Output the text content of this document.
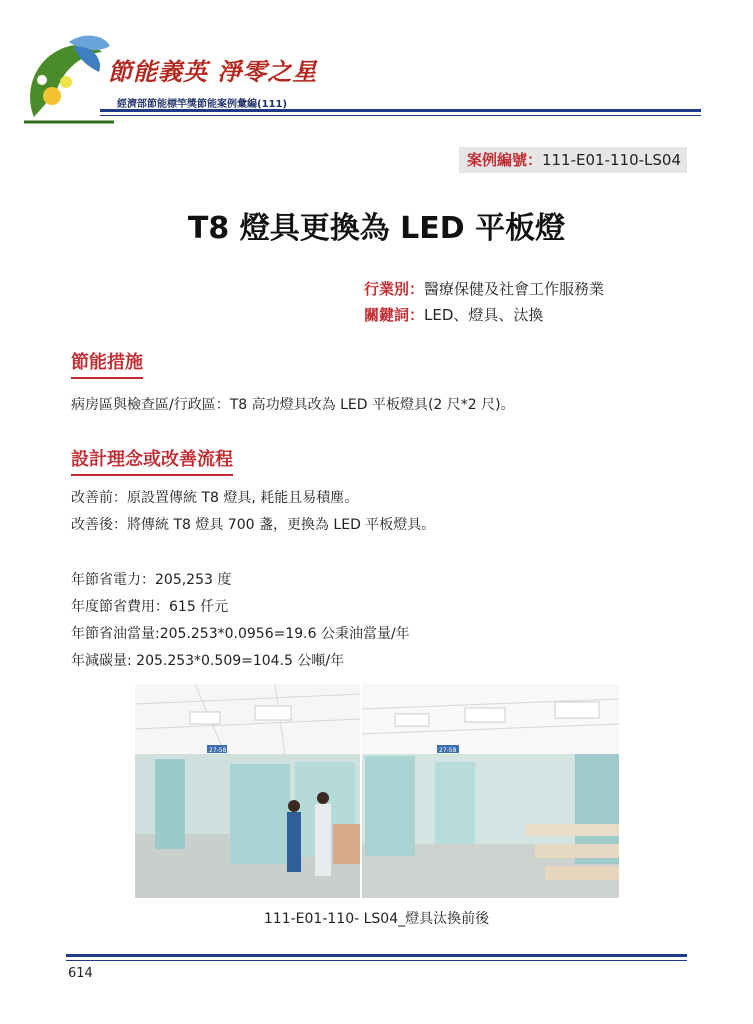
節能義英 淨零之星
經濟部節能標竿獎節能案例彙編(111)
案例編號：111-E01-110-LS04
T8 燈具更換為 LED 平板燈
行業別：醫療保健及社會工作服務業
關鍵詞：LED、燈具、汰換
節能措施
病房區與檢查區/行政區：T8 高功燈具改為 LED 平板燈具(2 尺*2 尺)。
設計理念或改善流程
改善前：原設置傳統 T8 燈具, 耗能且易積塵。
改善後：將傳統 T8 燈具 700 盞，更換為 LED 平板燈具。
年節省電力：205,253 度
年度節省費用：615 仟元
年節省油當量:205.253*0.0956=19.6 公秉油當量/年
年減碳量: 205.253*0.509=104.5 公噸/年
27-58	27-58
111-E01-110- LS04_燈具汰換前後
614
